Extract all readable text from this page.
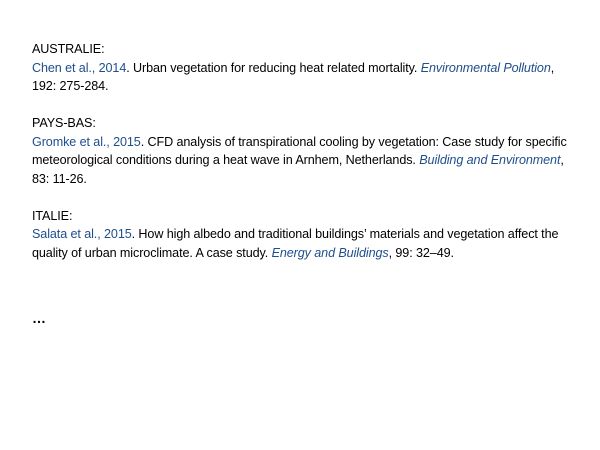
AUSTRALIE:
Chen et al., 2014. Urban vegetation for reducing heat related mortality. Environmental Pollution, 192: 275-284.
PAYS-BAS:
Gromke et al., 2015. CFD analysis of transpirational cooling by vegetation: Case study for specific meteorological conditions during a heat wave in Arnhem, Netherlands. Building and Environment, 83: 11-26.
ITALIE:
Salata et al., 2015. How high albedo and traditional buildings’ materials and vegetation affect the quality of urban microclimate. A case study. Energy and Buildings, 99: 32–49.
…
